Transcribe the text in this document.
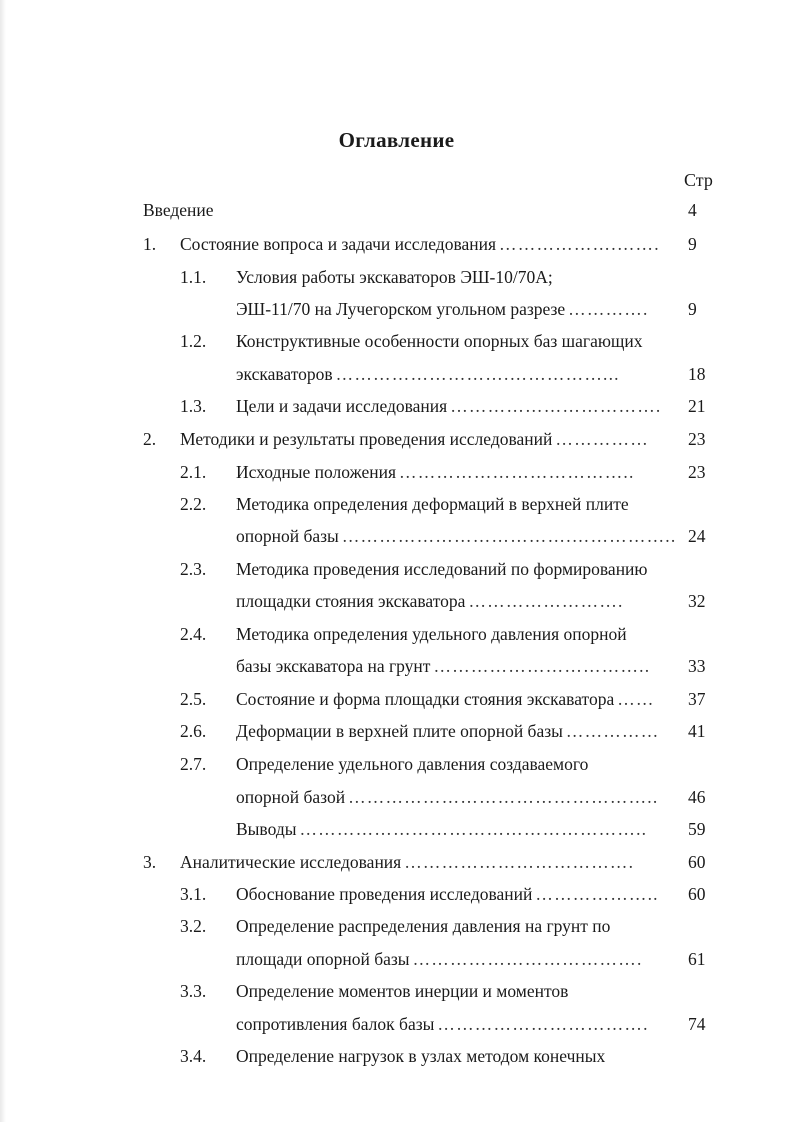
Оглавление
Стр
Введение	4
1. Состояние вопроса и задачи исследования ……………….…….	9
1.1. Условия работы экскаваторов ЭШ-10/70А;
ЭШ-11/70 на Лучегорском угольном разрезе ………….	9
1.2. Конструктивные особенности опорных баз шагающих
экскаваторов ……………………….……………...	18
1.3. Цели и задачи исследования …………………………….	21
2. Методики и результаты проведения исследований ……………	23
2.1. Исходные положения ………………………………..	23
2.2. Методика определения деформаций в верхней плите
опорной базы ……………………………….…………….. 24
2.3. Методика проведения исследований по формированию
площадки стояния экскаватора …………………….	32
2.4. Методика определения удельного давления опорной
базы экскаватора на грунт ……………………………..	33
2.5. Состояние и форма площадки стояния экскаватора ……	37
2.6. Деформации в верхней плите опорной базы ……………	41
2.7. Определение удельного давления создаваемого
опорной базой …………………………………………..	46
Выводы ………………………………………………..	59
3. Аналитические исследования ……………………………….	60
3.1. Обоснование проведения исследований ………………..	60
3.2. Определение распределения давления на грунт по
площади опорной базы ……………………………….	61
3.3. Определение моментов инерции и моментов
сопротивления балок базы …………………………….	74
3.4. Определение нагрузок в узлах методом конечных
